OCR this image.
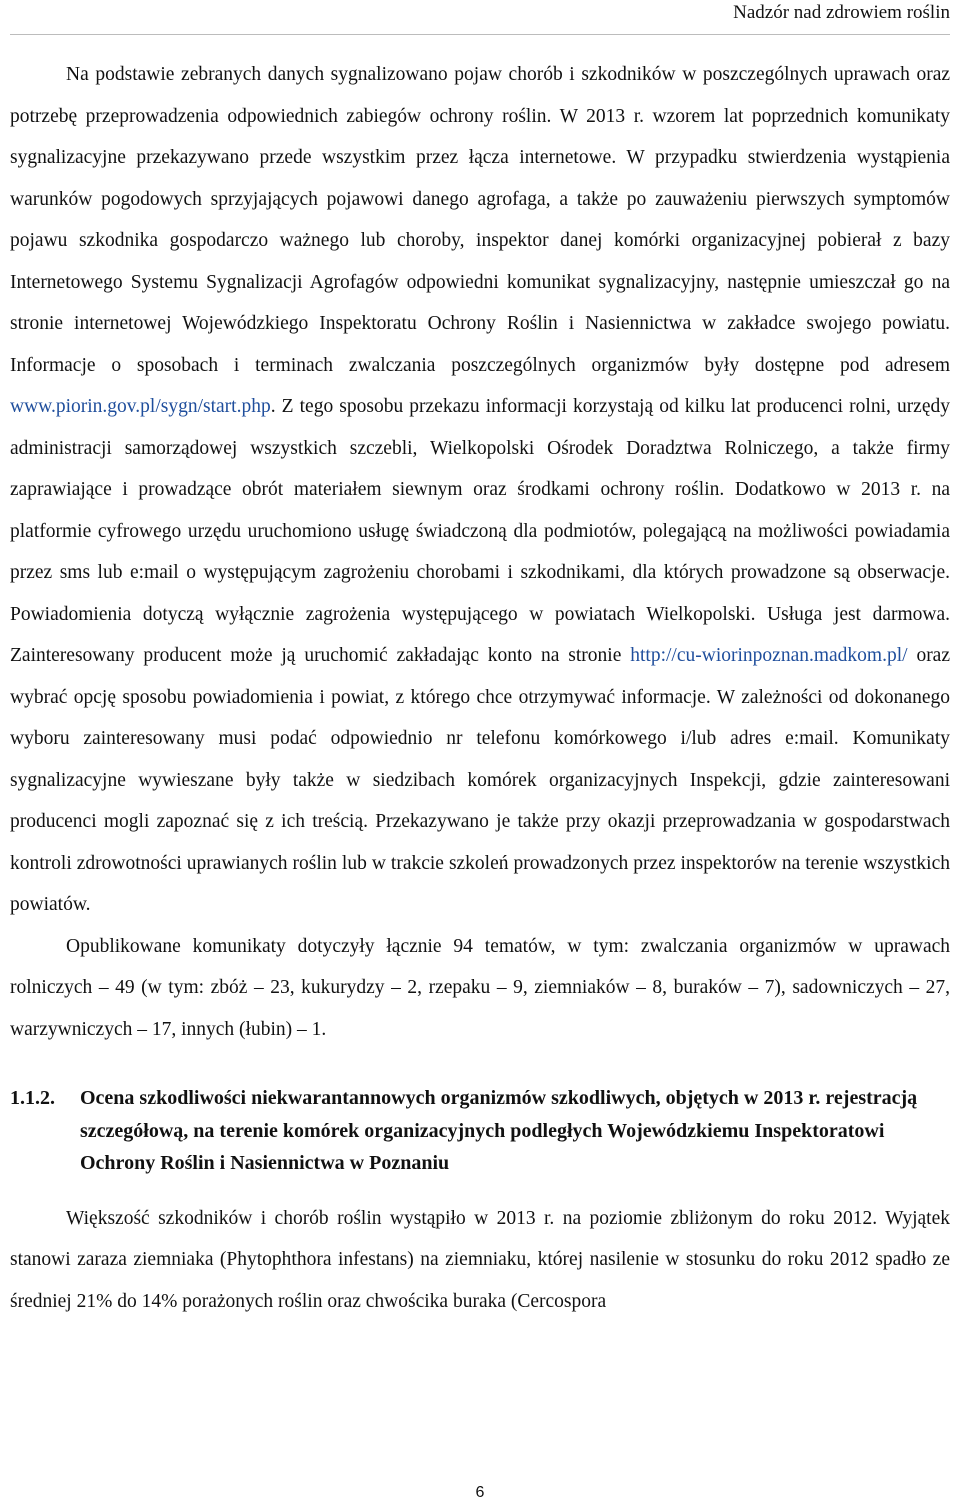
Nadzór nad zdrowiem roślin

Na podstawie zebranych danych sygnalizowano pojaw chorób i szkodników w poszczególnych uprawach oraz potrzebę przeprowadzenia odpowiednich zabiegów ochrony roślin. W 2013 r. wzorem lat poprzednich komunikaty sygnalizacyjne przekazywano przede wszystkim przez łącza internetowe. W przypadku stwierdzenia wystąpienia warunków pogodowych sprzyjających pojawowi danego agrofaga, a także po zauważeniu pierwszych symptomów pojawu szkodnika gospodarczo ważnego lub choroby, inspektor danej komórki organizacyjnej pobierał z bazy Internetowego Systemu Sygnalizacji Agrofagów odpowiedni komunikat sygnalizacyjny, następnie umieszczał go na stronie internetowej Wojewódzkiego Inspektoratu Ochrony Roślin i Nasiennictwa w zakładce swojego powiatu. Informacje o sposobach i terminach zwalczania poszczególnych organizmów były dostępne pod adresem www.piorin.gov.pl/sygn/start.php. Z tego sposobu przekazu informacji korzystają od kilku lat producenci rolni, urzędy administracji samorządowej wszystkich szczebli, Wielkopolski Ośrodek Doradztwa Rolniczego, a także firmy zaprawiające i prowadzące obrót materiałem siewnym oraz środkami ochrony roślin. Dodatkowo w 2013 r. na platformie cyfrowego urzędu uruchomiono usługę świadczoną dla podmiotów, polegającą na możliwości powiadamia przez sms lub e:mail o występującym zagrożeniu chorobami i szkodnikami, dla których prowadzone są obserwacje. Powiadomienia dotyczą wyłącznie zagrożenia występującego w powiatach Wielkopolski. Usługa jest darmowa. Zainteresowany producent może ją uruchomić zakładając konto na stronie http://cu-wiorinpoznan.madkom.pl/ oraz wybrać opcję sposobu powiadomienia i powiat, z którego chce otrzymywać informacje. W zależności od dokonanego wyboru zainteresowany musi podać odpowiednio nr telefonu komórkowego i/lub adres e:mail. Komunikaty sygnalizacyjne wywieszane były także w siedzibach komórek organizacyjnych Inspekcji, gdzie zainteresowani producenci mogli zapoznać się z ich treścią. Przekazywano je także przy okazji przeprowadzania w gospodarstwach kontroli zdrowotności uprawianych roślin lub w trakcie szkoleń prowadzonych przez inspektorów na terenie wszystkich powiatów.

Opublikowane komunikaty dotyczyły łącznie 94 tematów, w tym: zwalczania organizmów w uprawach rolniczych – 49 (w tym: zbóż – 23, kukurydzy – 2, rzepaku – 9, ziemniaków – 8, buraków – 7), sadowniczych – 27, warzywniczych – 17, innych (łubin) – 1.

1.1.2.	Ocena szkodliwości niekwarantannowych organizmów szkodliwych, objętych w 2013 r. rejestracją szczegółową, na terenie komórek organizacyjnych podległych Wojewódzkiemu Inspektoratowi Ochrony Roślin i Nasiennictwa w Poznaniu

Większość szkodników i chorób roślin wystąpiło w 2013 r. na poziomie zbliżonym do roku 2012. Wyjątek stanowi zaraza ziemniaka (Phytophthora infestans) na ziemniaku, której nasilenie w stosunku do roku 2012 spadło ze średniej 21% do 14% porażonych roślin oraz chwościka buraka (Cercospora

6
